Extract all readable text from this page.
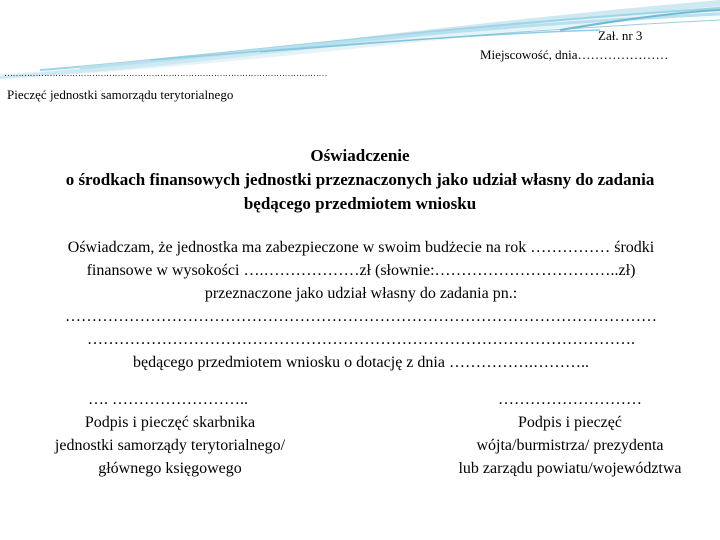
Zał. nr 3
Miejscowość, dnia…………………
……………………………………………………………………………………………………
Pieczęć jednostki samorządu terytorialnego
Oświadczenie
o środkach finansowych jednostki przeznaczonych jako udział własny do zadania
będącego przedmiotem wniosku
Oświadczam, że jednostka ma zabezpieczone w swoim budżecie na rok …………… środki
finansowe w wysokości ….………………zł (słownie:……………………………..zł)
przeznaczone jako udział własny do zadania pn.:
…………………………………………………………………………………………………
………………………………………………………………………………………….
będącego przedmiotem wniosku o dotację z dnia …………….………..
…. ……………………..
Podpis i pieczęć skarbnika
jednostki samorządy terytorialnego/
głównego księgowego
………………………
Podpis i pieczęć
wójta/burmistrza/ prezydenta
lub zarządu powiatu/województwa
